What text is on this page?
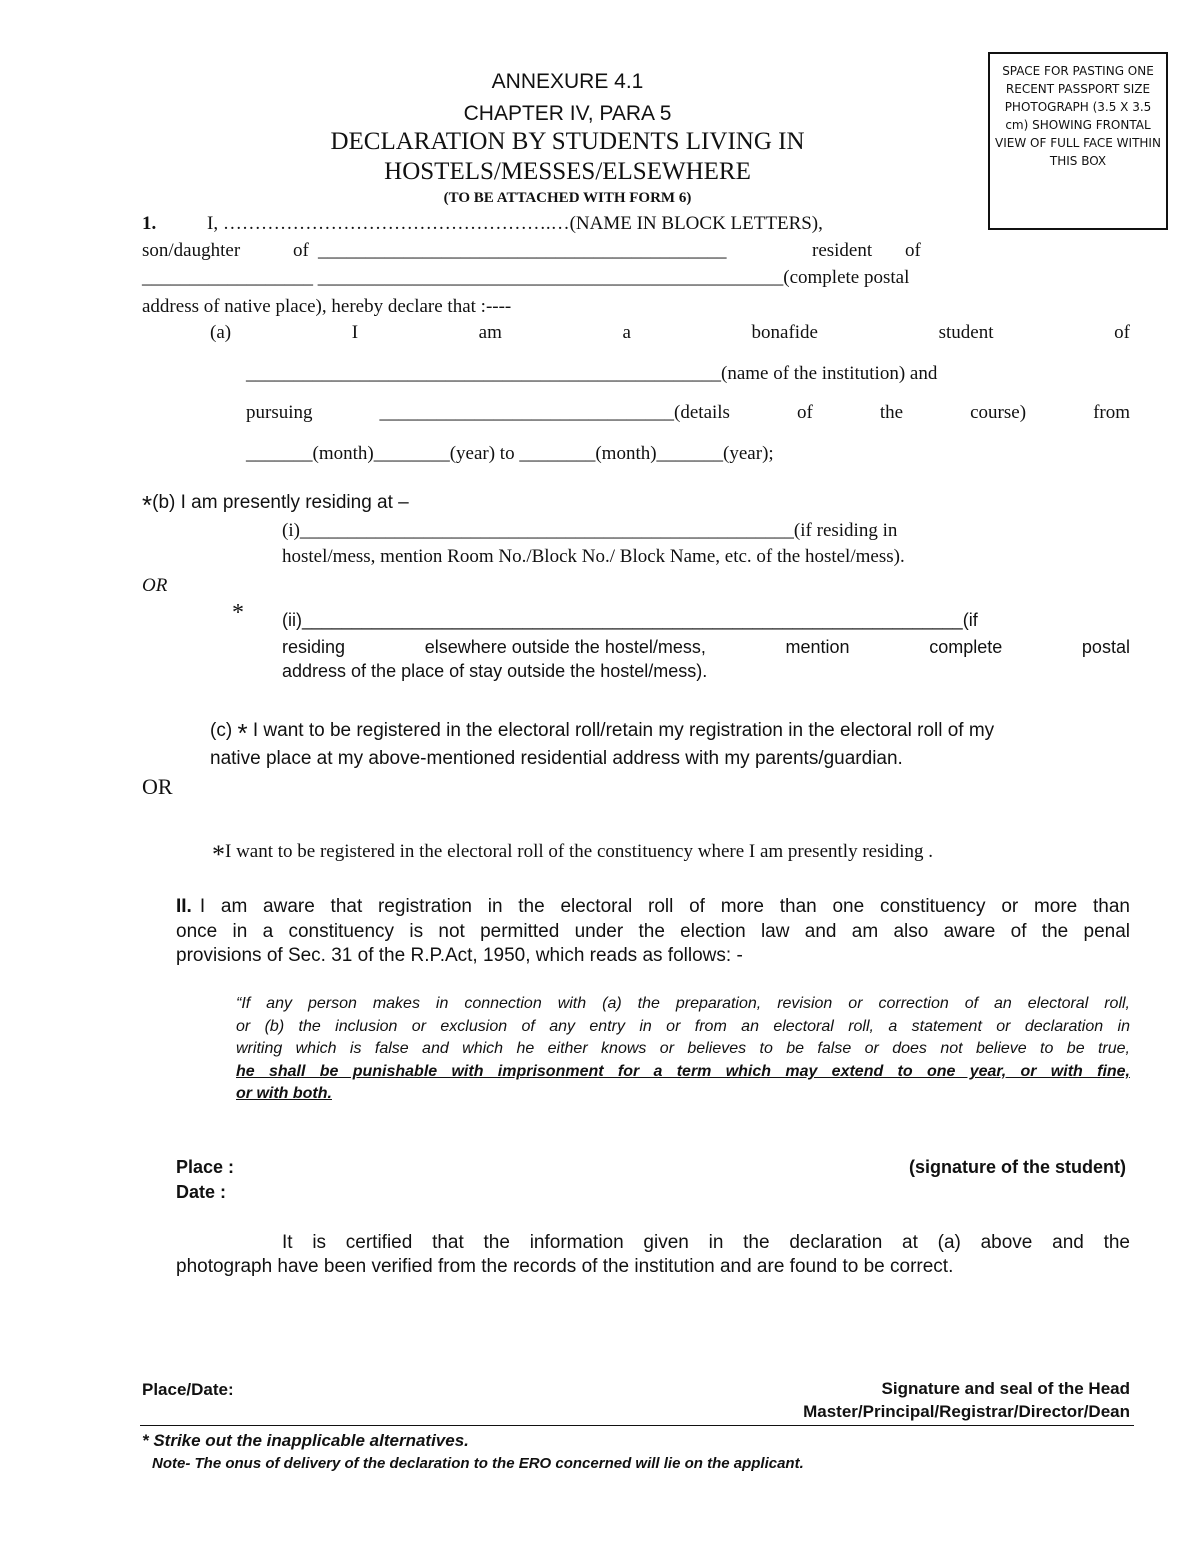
ANNEXURE 4.1
CHAPTER IV, PARA 5
DECLARATION BY STUDENTS LIVING IN
HOSTELS/MESSES/ELSEWHERE
(TO BE ATTACHED WITH FORM 6)
SPACE FOR PASTING ONE RECENT PASSPORT SIZE PHOTOGRAPH (3.5 X 3.5 cm) SHOWING FRONTAL VIEW OF FULL FACE WITHIN THIS BOX
1.	I, …………………………………………….…(NAME IN BLOCK LETTERS),
son/daughter	of ___________________________________________	resident of
__________________ _________________________________________________(complete postal
address of native place), hereby declare that :----
(a)	I	am	a	bonafide	student	of
__________________________________________________(name of the institution) and
pursuing	_______________________________(details	of	the	course)	from
_______(month)________(year) to ________(month)_______(year);
*(b) I am presently residing at –
(i)____________________________________________________(if residing in
hostel/mess, mention Room No./Block No./ Block Name, etc. of the hostel/mess).
OR
* (ii)__________________________________________________________________(if
residing	elsewhere outside the hostel/mess,	mention	complete	postal
address of the place of stay outside the hostel/mess).
(c) * I want to be registered in the electoral roll/retain my registration in the electoral roll of my
native place at my above-mentioned residential address with my parents/guardian.
OR
*I want to be registered in the electoral roll of the constituency where I am presently residing .
II. I am aware that registration in the electoral roll of more than one constituency or more than
once in a constituency is not permitted under the election law and am also aware of the penal
provisions of Sec. 31 of the R.P.Act, 1950, which reads as follows: -
“If any person makes in connection with (a) the preparation, revision or correction of an electoral roll,
or (b) the inclusion or exclusion of any entry in or from an electoral roll, a statement or declaration in
writing which is false and which he either knows or believes to be false or does not believe to be true,
he shall be punishable with imprisonment for a term which may extend to one year, or with fine,
or with both.
Place :
Date :
(signature of the student)
It is certified that the information given in the declaration at (a) above and the
photograph have been verified from the records of the institution and are found to be correct.
Place/Date:	Signature and seal of the Head
Master/Principal/Registrar/Director/Dean
* Strike out the inapplicable alternatives.
Note- The onus of delivery of the declaration to the ERO concerned will lie on the applicant.
